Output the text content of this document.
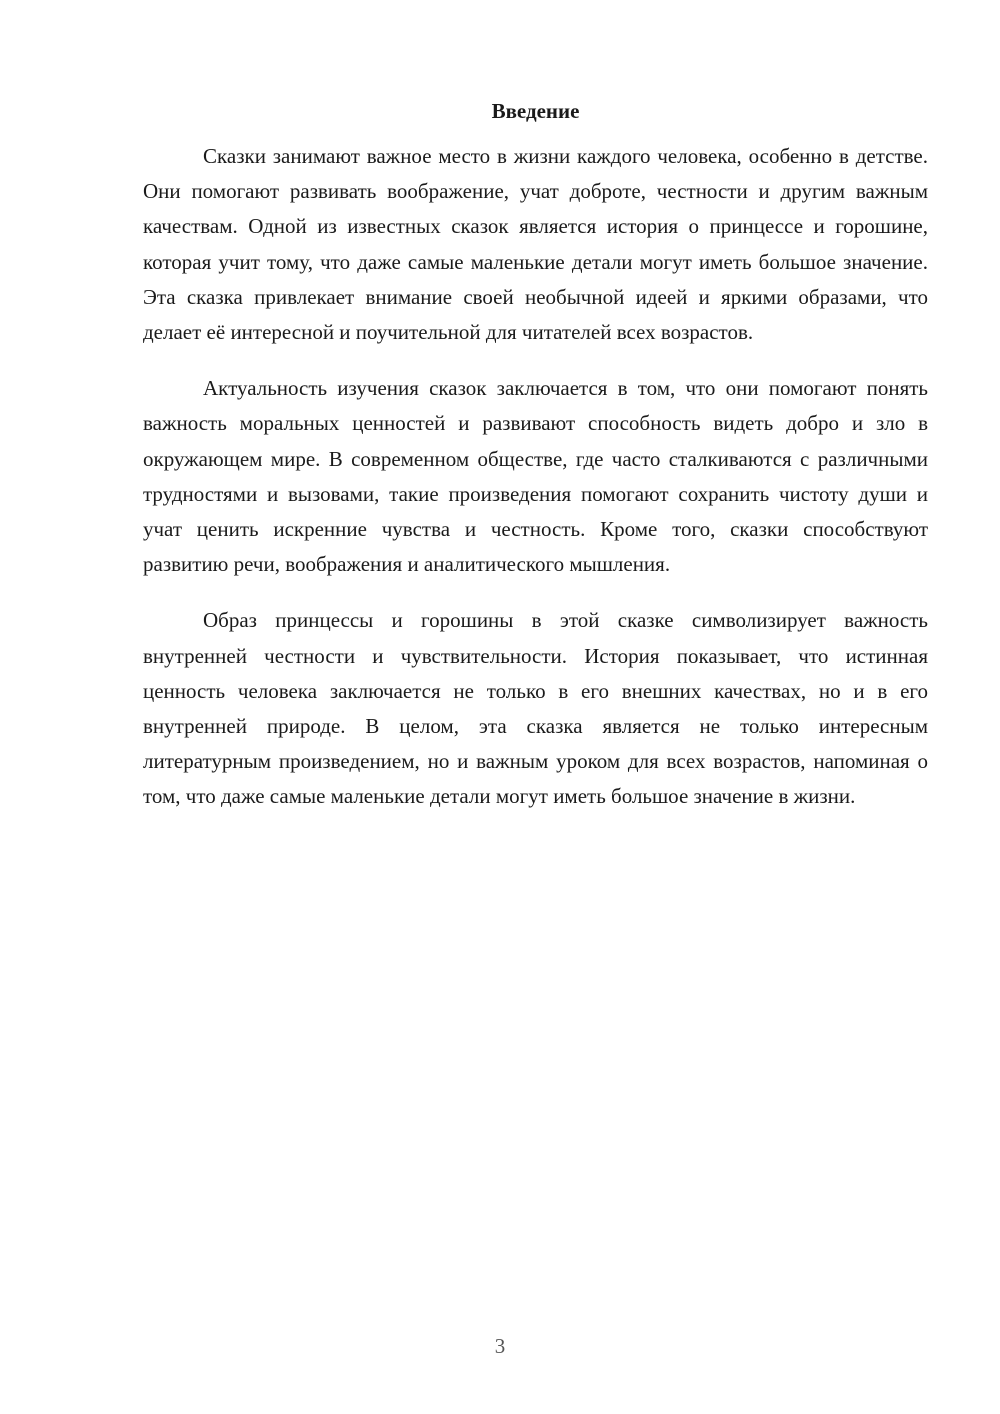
Введение

Сказки занимают важное место в жизни каждого человека, особенно в детстве. Они помогают развивать воображение, учат доброте, честности и другим важным качествам. Одной из известных сказок является история о принцессе и горошине, которая учит тому, что даже самые маленькие детали могут иметь большое значение. Эта сказка привлекает внимание своей необычной идеей и яркими образами, что делает её интересной и поучительной для читателей всех возрастов.

Актуальность изучения сказок заключается в том, что они помогают понять важность моральных ценностей и развивают способность видеть добро и зло в окружающем мире. В современном обществе, где часто сталкиваются с различными трудностями и вызовами, такие произведения помогают сохранить чистоту души и учат ценить искренние чувства и честность. Кроме того, сказки способствуют развитию речи, воображения и аналитического мышления.

Образ принцессы и горошины в этой сказке символизирует важность внутренней честности и чувствительности. История показывает, что истинная ценность человека заключается не только в его внешних качествах, но и в его внутренней природе. В целом, эта сказка является не только интересным литературным произведением, но и важным уроком для всех возрастов, напоминая о том, что даже самые маленькие детали могут иметь большое значение в жизни.

3
